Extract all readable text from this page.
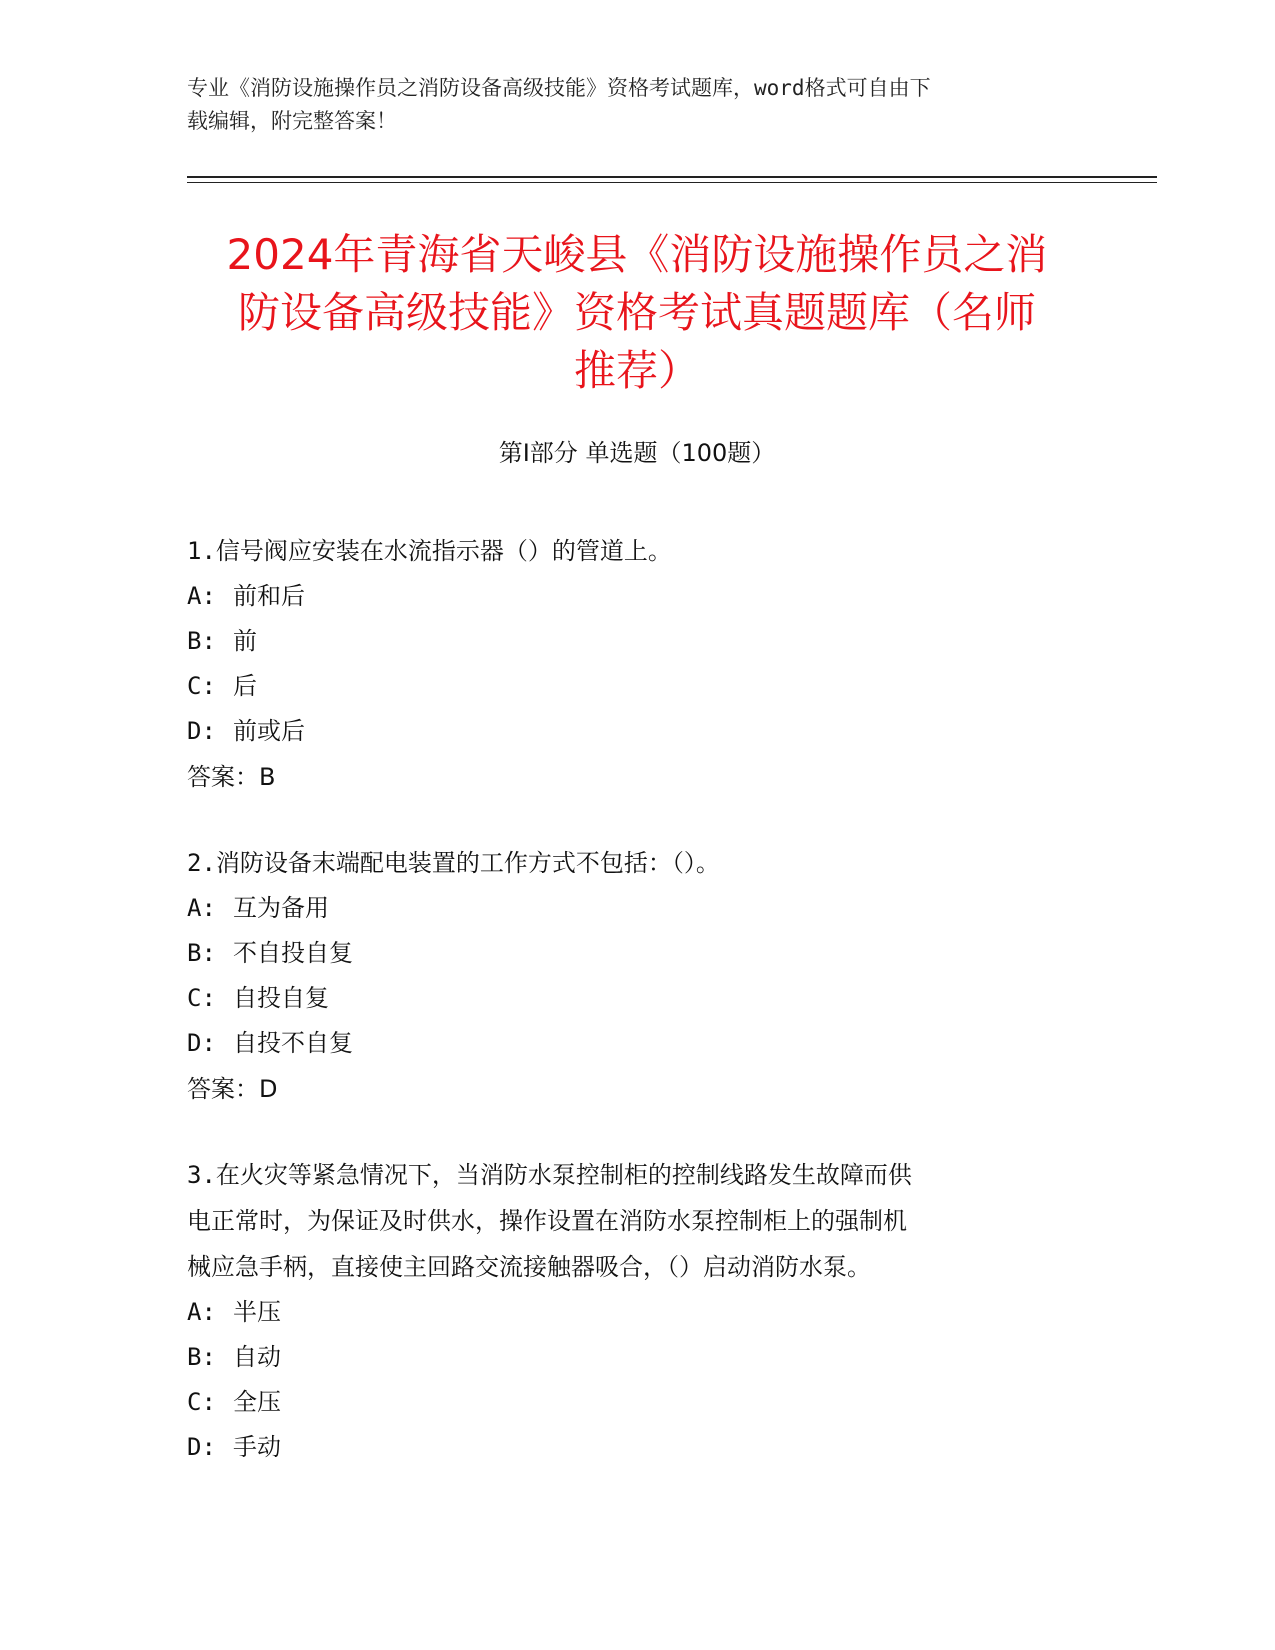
专业《消防设施操作员之消防设备高级技能》资格考试题库，word格式可自由下
载编辑，附完整答案！
2024年青海省天峻县《消防设施操作员之消
防设备高级技能》资格考试真题题库（名师
推荐）
第Ⅰ部分 单选题（100题）

1.信号阀应安装在水流指示器（）的管道上。

A: 前和后

B: 前

C: 后

D: 前或后

答案：B

2.消防设备末端配电装置的工作方式不包括：（）。

A: 互为备用

B: 不自投自复

C: 自投自复

D: 自投不自复

答案：D

3.在火灾等紧急情况下，当消防水泵控制柜的控制线路发生故障而供

电正常时，为保证及时供水，操作设置在消防水泵控制柜上的强制机

械应急手柄，直接使主回路交流接触器吸合，（）启动消防水泵。

A: 半压

B: 自动

C: 全压

D: 手动
